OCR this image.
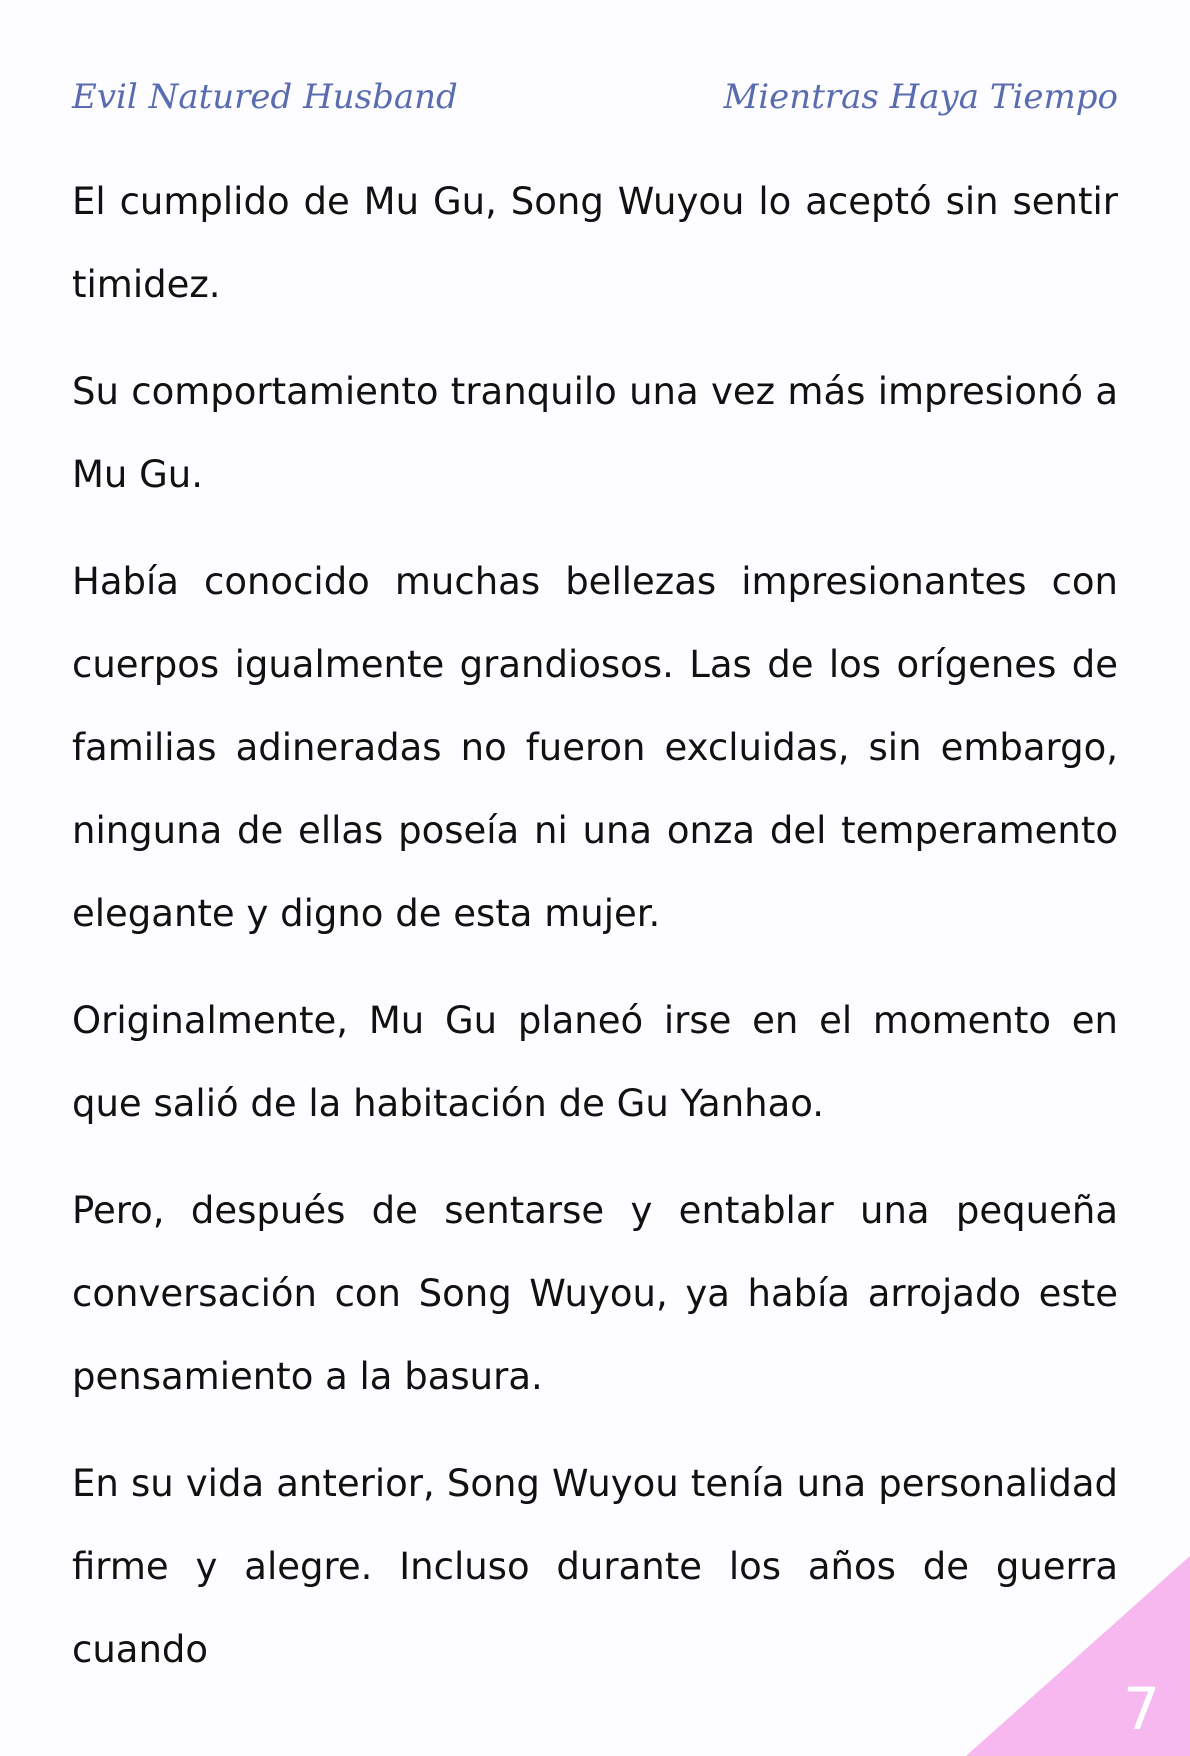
Evil Natured Husband	Mientras Haya Tiempo

El cumplido de Mu Gu, Song Wuyou lo aceptó sin sentir timidez.

Su comportamiento tranquilo una vez más impresionó a Mu Gu.

Había conocido muchas bellezas impresionantes con cuerpos igualmente grandiosos. Las de los orígenes de familias adineradas no fueron excluidas, sin embargo, ninguna de ellas poseía ni una onza del temperamento elegante y digno de esta mujer.

Originalmente, Mu Gu planeó irse en el momento en que salió de la habitación de Gu Yanhao.

Pero, después de sentarse y entablar una pequeña conversación con Song Wuyou, ya había arrojado este pensamiento a la basura.

En su vida anterior, Song Wuyou tenía una personalidad firme y alegre. Incluso durante los años de guerra cuando

7
